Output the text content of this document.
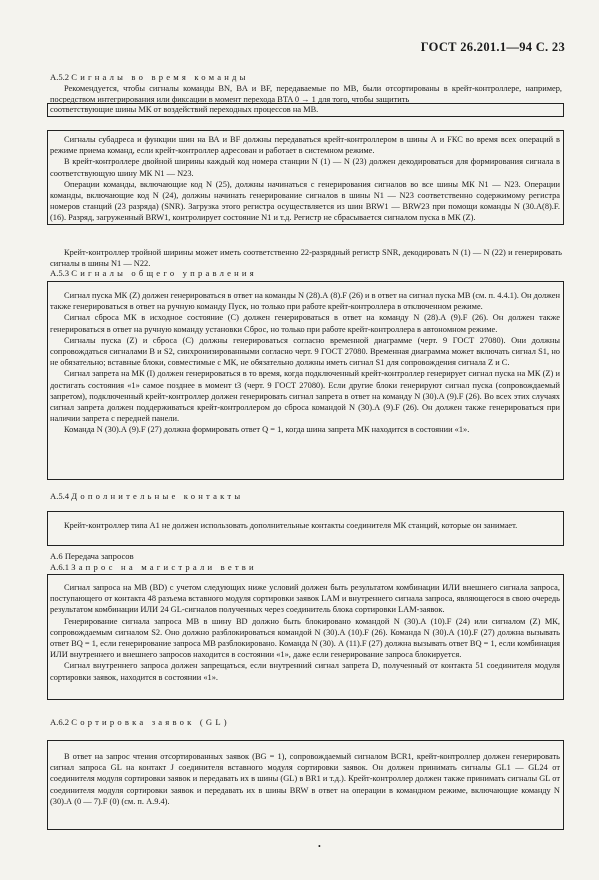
ГОСТ 26.201.1—94 С. 23
А.5.2 Сигналы во время команды

Рекомендуется, чтобы сигналы команды BN, BA и BF, передаваемые по МВ, были отсортированы в крейт-контроллере, например, посредством интегрирования или фиксации в момент перехода BTA 0 → 1 для того, чтобы защитить

соответствующие шины МК от воздействий переходных процессов на МВ.

Сигналы субадреса и функции шин на ВА и BF должны передаваться крейт-контроллером в шины А и FКС во время всех операций в режиме приема команд, если крейт-контроллер адресован и работает в системном режиме.

В крейт-контроллере двойной ширины каждый код номера станции N (1) — N (23) должен декодироваться для формирования сигнала в соответствующую шину МК N1 — N23.

Операции команды, включающие код N (25), должны начинаться с генерирования сигналов во все шины МК N1 — N23. Операции команды, включающие код N (24), должны начинать генерирование сигналов в шины N1 — N23 соответственно содержимому регистра номеров станций (23 разряда) (SNR). Загрузка этого регистра осуществляется из шин BRW1 — BRW23 при помощи команды N (30.А(8).F.(16). Разряд, загруженный BRW1, контролирует состояние N1 и т.д. Регистр не сбрасывается сигналом пуска в МК (Z).

Крейт-контроллер тройной ширины может иметь соответственно 22-разрядный регистр SNR, декодировать N (1) — N (22) и генерировать сигналы в шины N1 — N22.

А.5.3 Сигналы общего управления

Сигнал пуска МК (Z) должен генерироваться в ответ на команды N (28).А (8).F (26) и в ответ на сигнал пуска МВ (см. п. 4.4.1). Он должен также генерироваться в ответ на ручную команду Пуск, но только при работе крейт-контроллера в отключенном режиме.

Сигнал сброса МК в исходное состояние (С) должен генерироваться в ответ на команду N (28).А (9).F (26). Он должен также генерироваться в ответ на ручную команду установки Сброс, но только при работе крейт-контроллера в автономном режиме.

Сигналы пуска (Z) и сброса (С) должны генерироваться согласно временной диаграмме (черт. 9 ГОСТ 27080). Они должны сопровождаться сигналами В и S2, синхронизированными согласно черт. 9 ГОСТ 27080. Временная диаграмма может включать сигнал S1, но не обязательно; вставные блоки, совместимые с МК, не обязательно должны иметь сигнал S1 для сопровождения сигнала Z и С.

Сигнал запрета на МК (I) должен генерироваться в то время, когда подключенный крейт-контроллер генерирует сигнал пуска на МК (Z) и достигать состояния «1» самое позднее в момент t3 (черт. 9 ГОСТ 27080). Если другие блоки генерируют сигнал пуска (сопровождаемый запретом), подключенный крейт-контроллер должен генерировать сигнал запрета в ответ на команду N (30).А (9).F (26). Во всех этих случаях сигнал запрета должен поддерживаться крейт-контроллером до сброса командой N (30).А (9).F (26). Он должен также генерироваться при наличии запрета с передней панели.

Команда N (30).А (9).F (27) должна формировать ответ Q = 1, когда шина запрета МК находится в состоянии «1».

А.5.4 Дополнительные контакты

Крейт-контроллер типа А1 не должен использовать дополнительные контакты соединителя МК станций, которые он занимает.

А.6 Передача запросов
А.6.1 Запрос на магистрали ветви

Сигнал запроса на МВ (BD) с учетом следующих ниже условий должен быть результатом комбинации ИЛИ внешнего сигнала запроса, поступающего от контакта 48 разъема вставного модуля сортировки заявок LAM и внутреннего сигнала запроса, являющегося в свою очередь результатом комбинации ИЛИ 24 GL-сигналов полученных через соединитель блока сортировки LAM-заявок.

Генерирование сигнала запроса МВ в шину BD должно быть блокировано командой N (30).А (10).F (24) или сигналом (Z) МК, сопровождаемым сигналом S2. Оно должно разблокироваться командой N (30).А (10).F (26). Команда N (30).А (10).F (27) должна вызывать ответ BQ = 1, если генерирование запроса МВ разблокировано. Команда N (30). А (11).F (27) должна вызывать ответ BQ = 1, если комбинация ИЛИ внутреннего и внешнего запросов находится в состоянии «1», даже если генерирование запроса блокируется.

Сигнал внутреннего запроса должен запрещаться, если внутренний сигнал запрета D, полученный от контакта 51 соединителя модуля сортировки заявок, находится в состоянии «1».

А.6.2 Сортировка заявок (GL)

В ответ на запрос чтения отсортированных заявок (BG = 1), сопровождаемый сигналом BCR1, крейт-контроллер должен генерировать сигнал запроса GL на контакт J соединителя вставного модуля сортировки заявок. Он должен принимать сигналы GL1 — GL24 от соединителя модуля сортировки заявок и передавать их в шины (GL) в BR1 и т.д.). Крейт-контроллер должен также принимать сигналы GL от соединителя модуля сортировки заявок и передавать их в шины BRW в ответ на операции в командном режиме, включающие команду N (30).А (0 — 7).F (0) (см. п. А.9.4).

•
